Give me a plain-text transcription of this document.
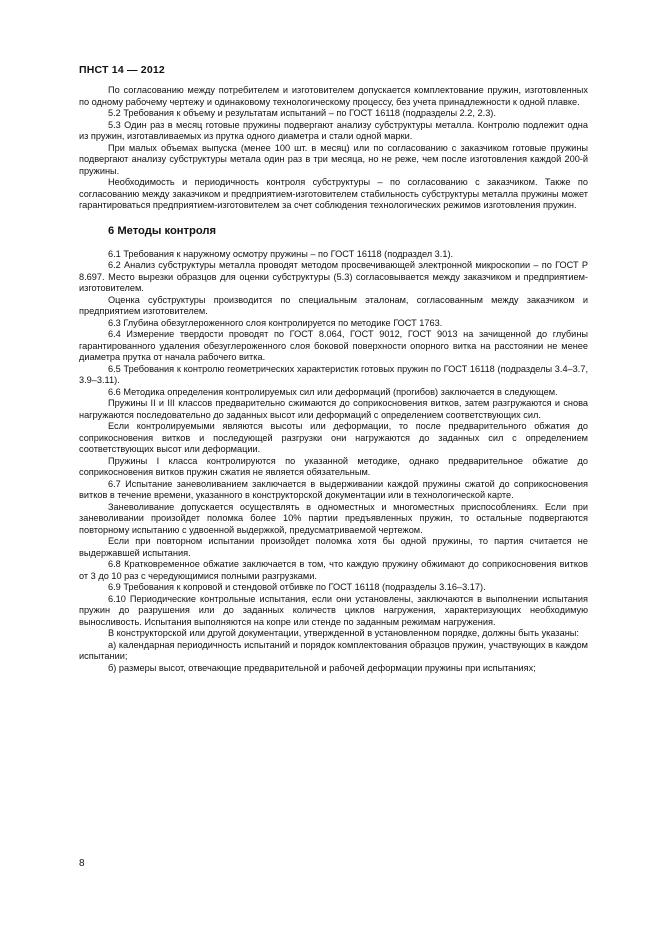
ПНСТ 14 — 2012

По согласованию между потребителем и изготовителем допускается комплектование пружин, изготовленных по одному рабочему чертежу и одинаковому технологическому процессу, без учета принадлежности к одной плавке.

5.2 Требования к объему и результатам испытаний – по ГОСТ 16118 (подразделы 2.2, 2.3).

5.3 Один раз в месяц готовые пружины подвергают анализу субструктуры металла. Контролю подлежит одна из пружин, изготавливаемых из прутка одного диаметра и стали одной марки.

При малых объемах выпуска (менее 100 шт. в месяц) или по согласованию с заказчиком готовые пружины подвергают анализу субструктуры метала один раз в три месяца, но не реже, чем после изготовления каждой 200-й пружины.

Необходимость и периодичность контроля субструктуры – по согласованию с заказчиком. Также по согласованию между заказчиком и предприятием-изготовителем стабильность субструктуры металла пружины может гарантироваться предприятием-изготовителем за счет соблюдения технологических режимов изготовления пружин.

6 Методы контроля

6.1 Требования к наружному осмотру пружины – по ГОСТ 16118 (подраздел 3.1).

6.2 Анализ субструктуры металла проводят методом просвечивающей электронной микроскопии – по ГОСТ Р 8.697. Место вырезки образцов для оценки субструктуры (5.3) согласовывается между заказчиком и предприятием-изготовителем.

Оценка субструктуры производится по специальным эталонам, согласованным между заказчиком и предприятием изготовителем.

6.3 Глубина обезуглероженного слоя контролируется по методике ГОСТ 1763.

6.4 Измерение твердости проводят по ГОСТ 8.064, ГОСТ 9012, ГОСТ 9013 на зачищенной до глубины гарантированного удаления обезуглероженного слоя боковой поверхности опорного витка на расстоянии не менее диаметра прутка от начала рабочего витка.

6.5 Требования к контролю геометрических характеристик готовых пружин по ГОСТ 16118 (подразделы 3.4–3.7, 3.9–3.11).

6.6 Методика определения контролируемых сил или деформаций (прогибов) заключается в следующем.

Пружины II и III классов предварительно сжимаются до соприкосновения витков, затем разгружаются и снова нагружаются последовательно до заданных высот или деформаций с определением соответствующих сил.

Если контролируемыми являются высоты или деформации, то после предварительного обжатия до соприкосновения витков и последующей разгрузки они нагружаются до заданных сил с определением соответствующих высот или деформации.

Пружины I класса контролируются по указанной методике, однако предварительное обжатие до соприкосновения витков пружин сжатия не является обязательным.

6.7 Испытание заневоливанием заключается в выдерживании каждой пружины сжатой до соприкосновения витков в течение времени, указанного в конструкторской документации или в технологической карте.

Заневоливание допускается осуществлять в одноместных и многоместных приспособлениях. Если при заневоливании произойдет поломка более 10% партии предъявленных пружин, то остальные подвергаются повторному испытанию с удвоенной выдержкой, предусматриваемой чертежом.

Если при повторном испытании произойдет поломка хотя бы одной пружины, то партия считается не выдержавшей испытания.

6.8 Кратковременное обжатие заключается в том, что каждую пружину обжимают до соприкосновения витков от 3 до 10 раз с чередующимися полными разгрузками.

6.9 Требования к копровой и стендовой отбивке по ГОСТ 16118 (подразделы 3.16–3.17).

6.10 Периодические контрольные испытания, если они установлены, заключаются в выполнении испытания пружин до разрушения или до заданных количеств циклов нагружения, характеризующих необходимую выносливость. Испытания выполняются на копре или стенде по заданным режимам нагружения.

В конструкторской или другой документации, утвержденной в установленном порядке, должны быть указаны:

а) календарная периодичность испытаний и порядок комплектования образцов пружин, участвующих в каждом испытании;

б) размеры высот, отвечающие предварительной и рабочей деформации пружины при испытаниях;

8
